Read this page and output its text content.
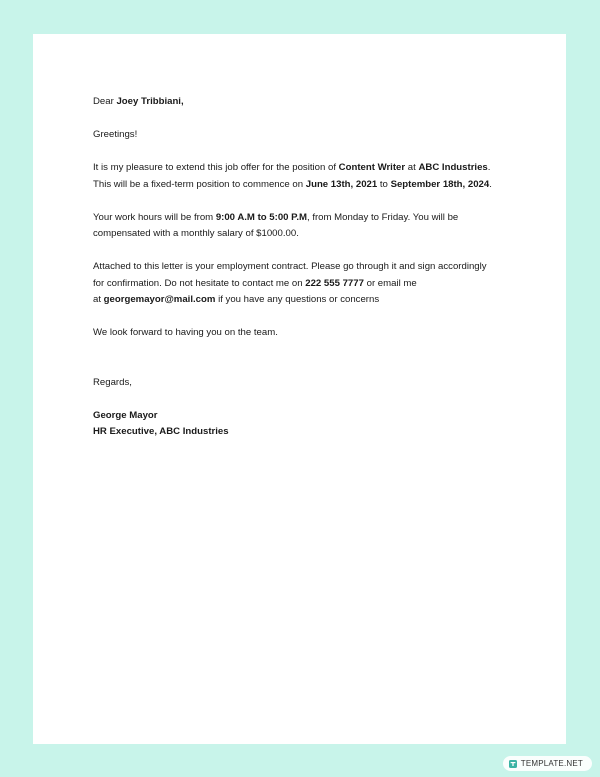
Dear Joey Tribbiani,

Greetings!

It is my pleasure to extend this job offer for the position of Content Writer at ABC Industries.
This will be a fixed-term position to commence on June 13th, 2021 to September 18th, 2024.

Your work hours will be from 9:00 A.M to 5:00 P.M, from Monday to Friday. You will be
compensated with a monthly salary of $1000.00.

Attached to this letter is your employment contract. Please go through it and sign accordingly
for confirmation. Do not hesitate to contact me on 222 555 7777 or email me
at georgemayor@mail.com if you have any questions or concerns

We look forward to having you on the team.

Regards,

George Mayor

HR Executive, ABC Industries

TEMPLATE.NET
